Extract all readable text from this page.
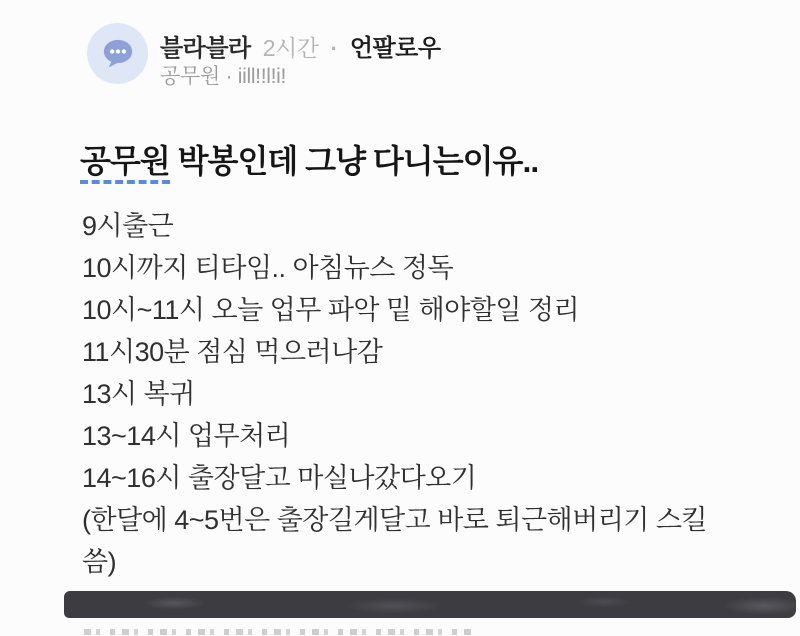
블라블라 2시간 · 언팔로우
공무원 · iill!!l!i!
공무원 박봉인데 그냥 다니는이유..
9시출근
10시까지 티타임.. 아침뉴스 정독
10시~11시 오늘 업무 파악 밑 해야할일 정리
11시30분 점심 먹으러나감
13시 복귀
13~14시 업무처리
14~16시 출장달고 마실나갔다오기
(한달에 4~5번은 출장길게달고 바로 퇴근해버리기 스킬
씀)
